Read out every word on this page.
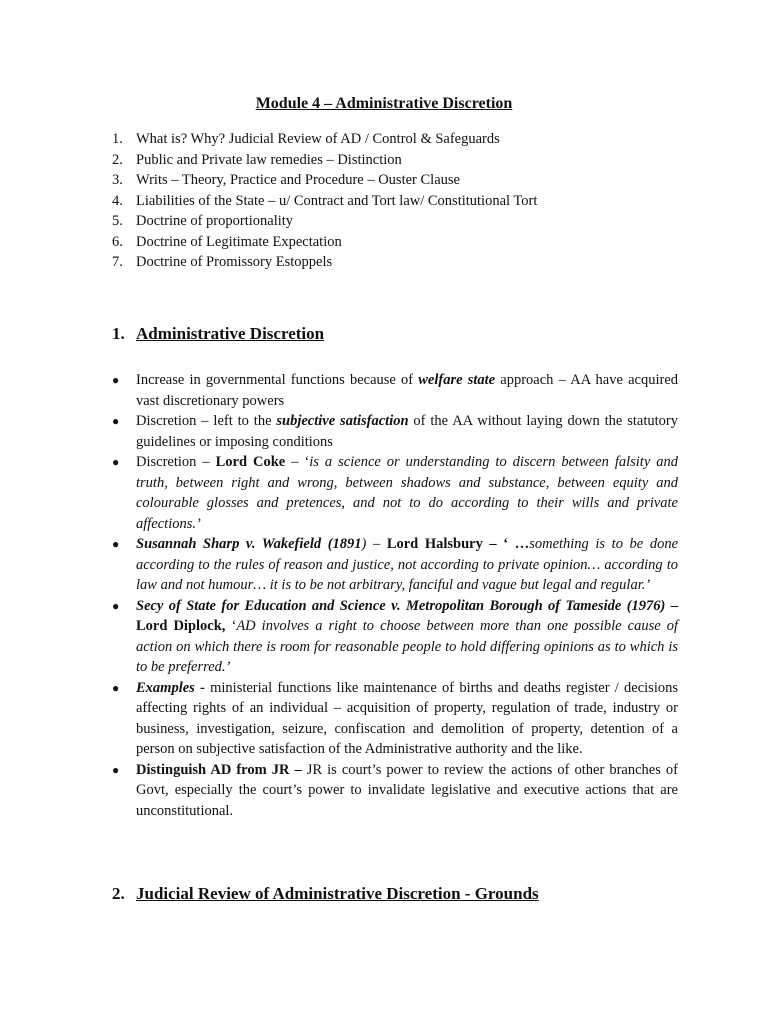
Module 4 – Administrative Discretion
1. What is? Why? Judicial Review of AD / Control & Safeguards
2. Public and Private law remedies – Distinction
3. Writs – Theory, Practice and Procedure – Ouster Clause
4. Liabilities of the State – u/ Contract and Tort law/ Constitutional Tort
5. Doctrine of proportionality
6. Doctrine of Legitimate Expectation
7. Doctrine of Promissory Estoppels
1. Administrative Discretion
●	Increase in governmental functions because of welfare state approach – AA have acquired vast discretionary powers
●	Discretion – left to the subjective satisfaction of the AA without laying down the statutory guidelines or imposing conditions
●	Discretion – Lord Coke – ‘is a science or understanding to discern between falsity and truth, between right and wrong, between shadows and substance, between equity and colourable glosses and pretences, and not to do according to their wills and private affections.’
●	Susannah Sharp v. Wakefield (1891) – Lord Halsbury – ‘ …something is to be done according to the rules of reason and justice, not according to private opinion… according to law and not humour… it is to be not arbitrary, fanciful and vague but legal and regular.’
●	Secy of State for Education and Science v. Metropolitan Borough of Tameside (1976) – Lord Diplock, ‘AD involves a right to choose between more than one possible cause of action on which there is room for reasonable people to hold differing opinions as to which is to be preferred.’
●	Examples - ministerial functions like maintenance of births and deaths register / decisions affecting rights of an individual – acquisition of property, regulation of trade, industry or business, investigation, seizure, confiscation and demolition of property, detention of a person on subjective satisfaction of the Administrative authority and the like.
●	Distinguish AD from JR – JR is court’s power to review the actions of other branches of Govt, especially the court’s power to invalidate legislative and executive actions that are unconstitutional.
2. Judicial Review of Administrative Discretion - Grounds
